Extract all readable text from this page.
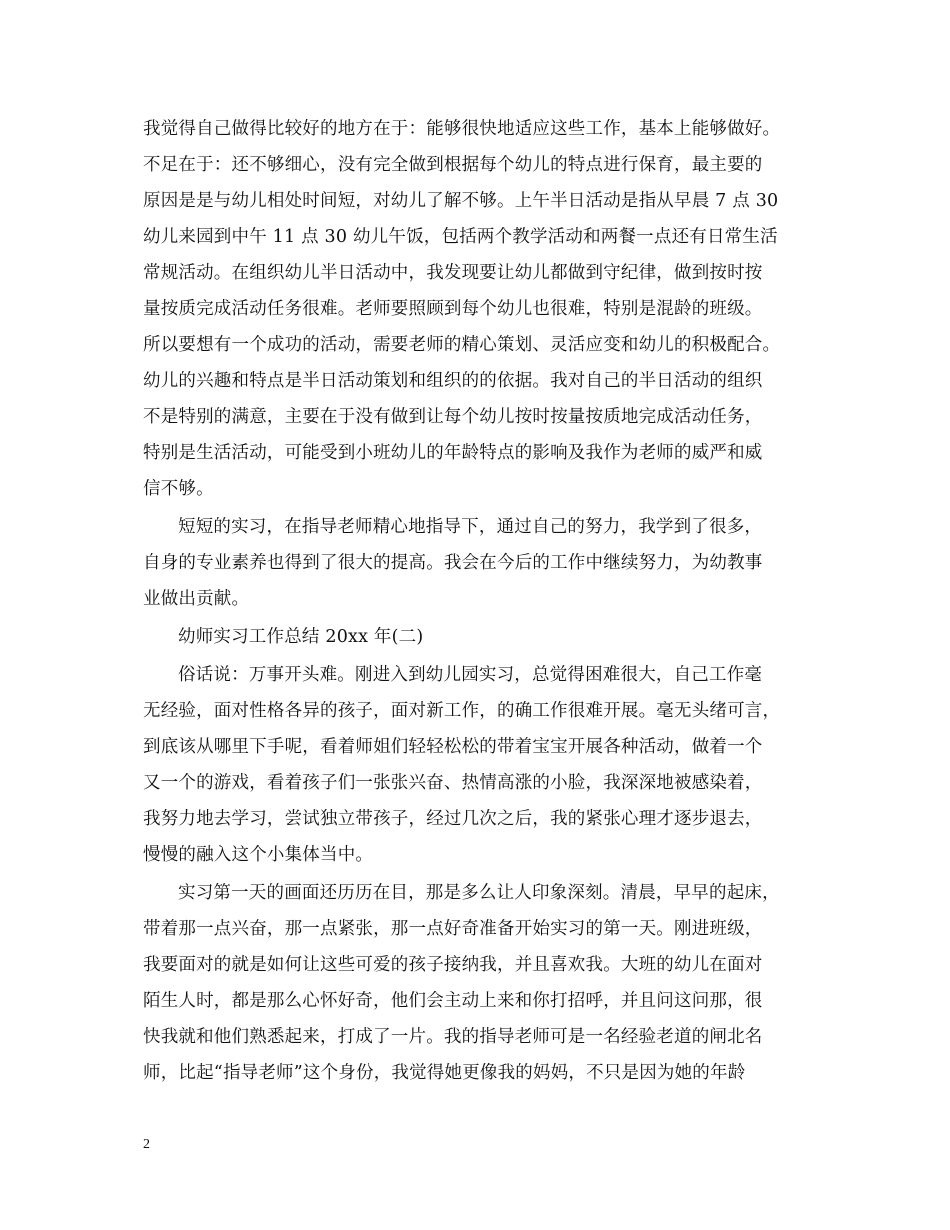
我觉得自己做得比较好的地方在于：能够很快地适应这些工作，基本上能够做好。
不足在于：还不够细心，没有完全做到根据每个幼儿的特点进行保育，最主要的
原因是是与幼儿相处时间短，对幼儿了解不够。上午半日活动是指从早晨 7 点 30
幼儿来园到中午 11 点 30 幼儿午饭，包括两个教学活动和两餐一点还有日常生活
常规活动。在组织幼儿半日活动中，我发现要让幼儿都做到守纪律，做到按时按
量按质完成活动任务很难。老师要照顾到每个幼儿也很难，特别是混龄的班级。
所以要想有一个成功的活动，需要老师的精心策划、灵活应变和幼儿的积极配合。
幼儿的兴趣和特点是半日活动策划和组织的的依据。我对自己的半日活动的组织
不是特别的满意，主要在于没有做到让每个幼儿按时按量按质地完成活动任务，
特别是生活活动，可能受到小班幼儿的年龄特点的影响及我作为老师的威严和威
信不够。
短短的实习，在指导老师精心地指导下，通过自己的努力，我学到了很多，
自身的专业素养也得到了很大的提高。我会在今后的工作中继续努力，为幼教事
业做出贡献。
幼师实习工作总结 20xx 年(二)
俗话说：万事开头难。刚进入到幼儿园实习，总觉得困难很大，自己工作毫
无经验，面对性格各异的孩子，面对新工作，的确工作很难开展。毫无头绪可言，
到底该从哪里下手呢，看着师姐们轻轻松松的带着宝宝开展各种活动，做着一个
又一个的游戏，看着孩子们一张张兴奋、热情高涨的小脸，我深深地被感染着，
我努力地去学习，尝试独立带孩子，经过几次之后，我的紧张心理才逐步退去，
慢慢的融入这个小集体当中。
实习第一天的画面还历历在目，那是多么让人印象深刻。清晨，早早的起床，
带着那一点兴奋，那一点紧张，那一点好奇准备开始实习的第一天。刚进班级，
我要面对的就是如何让这些可爱的孩子接纳我，并且喜欢我。大班的幼儿在面对
陌生人时，都是那么心怀好奇，他们会主动上来和你打招呼，并且问这问那，很
快我就和他们熟悉起来，打成了一片。我的指导老师可是一名经验老道的闸北名
师，比起“指导老师”这个身份，我觉得她更像我的妈妈，不只是因为她的年龄
2
